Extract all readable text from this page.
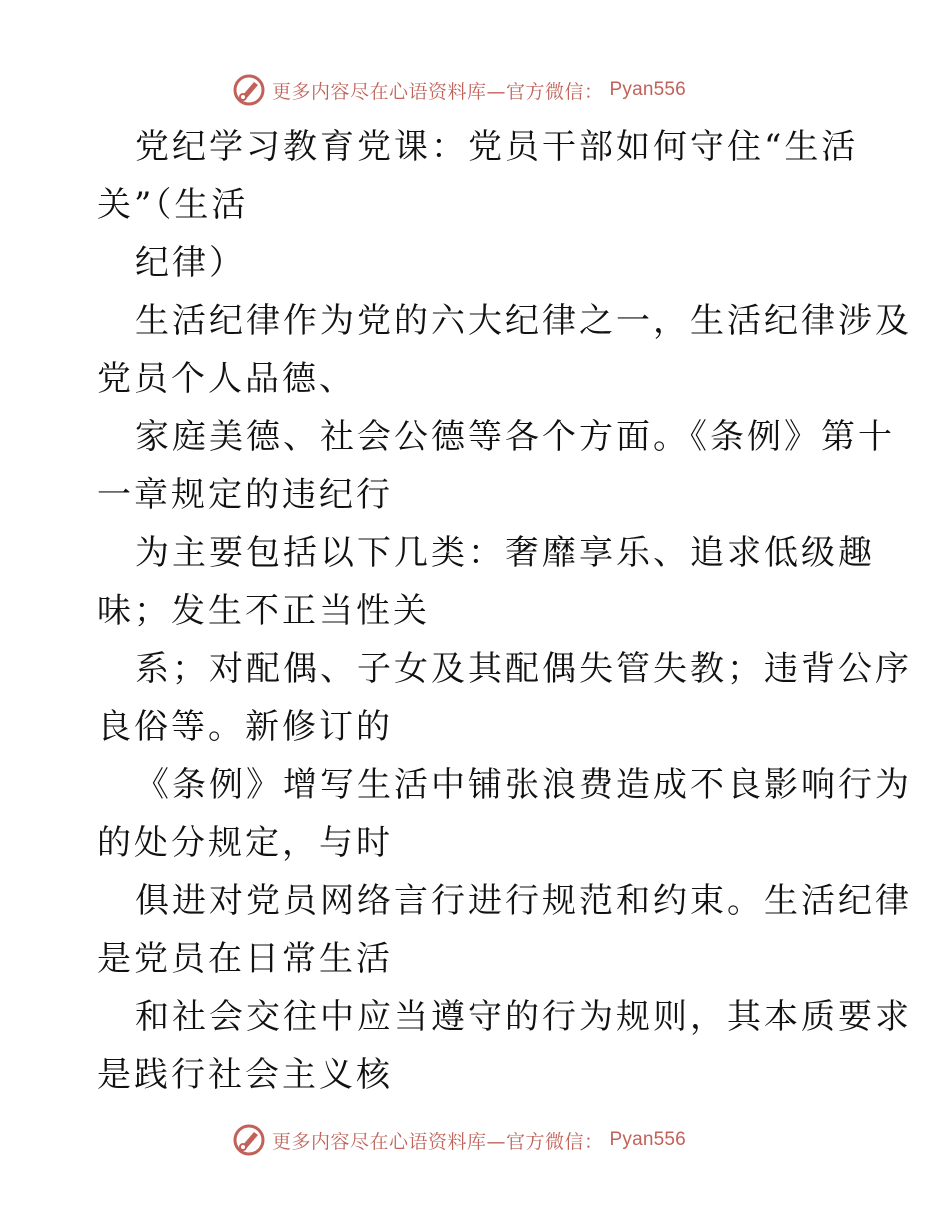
更多内容尽在心语资料库—官方微信： Pyan556
党纪学习教育党课：党员干部如何守住“生活
关”（生活
纪律）
生活纪律作为党的六大纪律之一，生活纪律涉及
党员个人品德、
家庭美德、社会公德等各个方面。《条例》第十
一章规定的违纪行
为主要包括以下几类：奢靡享乐、追求低级趣
味；发生不正当性关
系；对配偶、子女及其配偶失管失教；违背公序
良俗等。新修订的
《条例》增写生活中铺张浪费造成不良影响行为
的处分规定，与时
俱进对党员网络言行进行规范和约束。生活纪律
是党员在日常生活
和社会交往中应当遵守的行为规则，其本质要求
是践行社会主义核
更多内容尽在心语资料库—官方微信： Pyan556
